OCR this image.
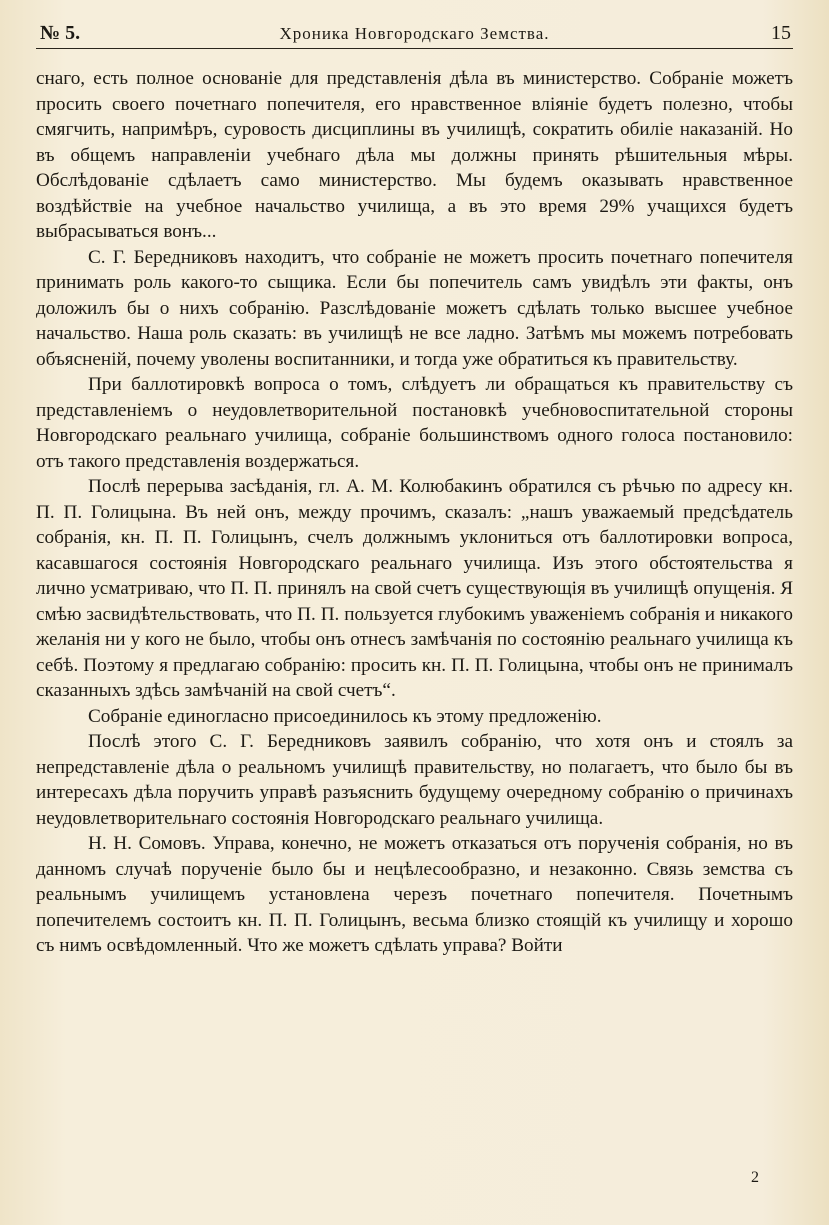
№ 5.	Хроника Новгородскаго Земства.	15

снаго, есть полное основаніе для представленія дѣла въ министерство. Собраніе можетъ просить своего почетнаго попечителя, его нравственное вліяніе будетъ полезно, чтобы смягчить, напримѣръ, суровость дисциплины въ училищѣ, сократить обиліе наказаній. Но въ общемъ направленіи учебнаго дѣла мы должны принять рѣшительныя мѣры. Обслѣдованіе сдѣлаетъ само министерство. Мы будемъ оказывать нравственное воздѣйствіе на учебное начальство училища, а въ это время 29% учащихся будетъ выбрасываться вонъ...

С. Г. Бередниковъ находитъ, что собраніе не можетъ просить почетнаго попечителя принимать роль какого-то сыщика. Если бы попечитель самъ увидѣлъ эти факты, онъ доложилъ бы о нихъ собранію. Разслѣдованіе можетъ сдѣлать только высшее учебное начальство. Наша роль сказать: въ училищѣ не все ладно. Затѣмъ мы можемъ потребовать объясненій, почему уволены воспитанники, и тогда уже обратиться къ правительству.

При баллотировкѣ вопроса о томъ, слѣдуетъ ли обращаться къ правительству съ представленіемъ о неудовлетворительной постановкѣ учебновоспитательной стороны Новгородскаго реальнаго училища, собраніе большинствомъ одного голоса постановило: отъ такого представленія воздержаться.

Послѣ перерыва засѣданія, гл. А. М. Колюбакинъ обратился съ рѣчью по адресу кн. П. П. Голицына. Въ ней онъ, между прочимъ, сказалъ: „нашъ уважаемый предсѣдатель собранія, кн. П. П. Голицынъ, счелъ должнымъ уклониться отъ баллотировки вопроса, касавшагося состоянія Новгородскаго реальнаго училища. Изъ этого обстоятельства я лично усматриваю, что П. П. принялъ на свой счетъ существующія въ училищѣ опущенія. Я смѣю засвидѣтельствовать, что П. П. пользуется глубокимъ уваженіемъ собранія и никакого желанія ни у кого не было, чтобы онъ отнесъ замѣчанія по состоянію реальнаго училища къ себѣ. Поэтому я предлагаю собранію: просить кн. П. П. Голицына, чтобы онъ не принималъ сказанныхъ здѣсь замѣчаній на свой счетъ“.

Собраніе единогласно присоединилось къ этому предложенію.

Послѣ этого С. Г. Бередниковъ заявилъ собранію, что хотя онъ и стоялъ за непредставленіе дѣла о реальномъ училищѣ правительству, но полагаетъ, что было бы въ интересахъ дѣла поручить управѣ разъяснить будущему очередному собранію о причинахъ неудовлетворительнаго состоянія Новгородскаго реальнаго училища.

Н. Н. Сомовъ. Управа, конечно, не можетъ отказаться отъ порученія собранія, но въ данномъ случаѣ порученіе было бы и нецѣлесообразно, и незаконно. Связь земства съ реальнымъ училищемъ установлена черезъ почетнаго попечителя. Почетнымъ попечителемъ состоитъ кн. П. П. Голицынъ, весьма близко стоящій къ училищу и хорошо съ нимъ освѣдомленный. Что же можетъ сдѣлать управа? Войти

2
